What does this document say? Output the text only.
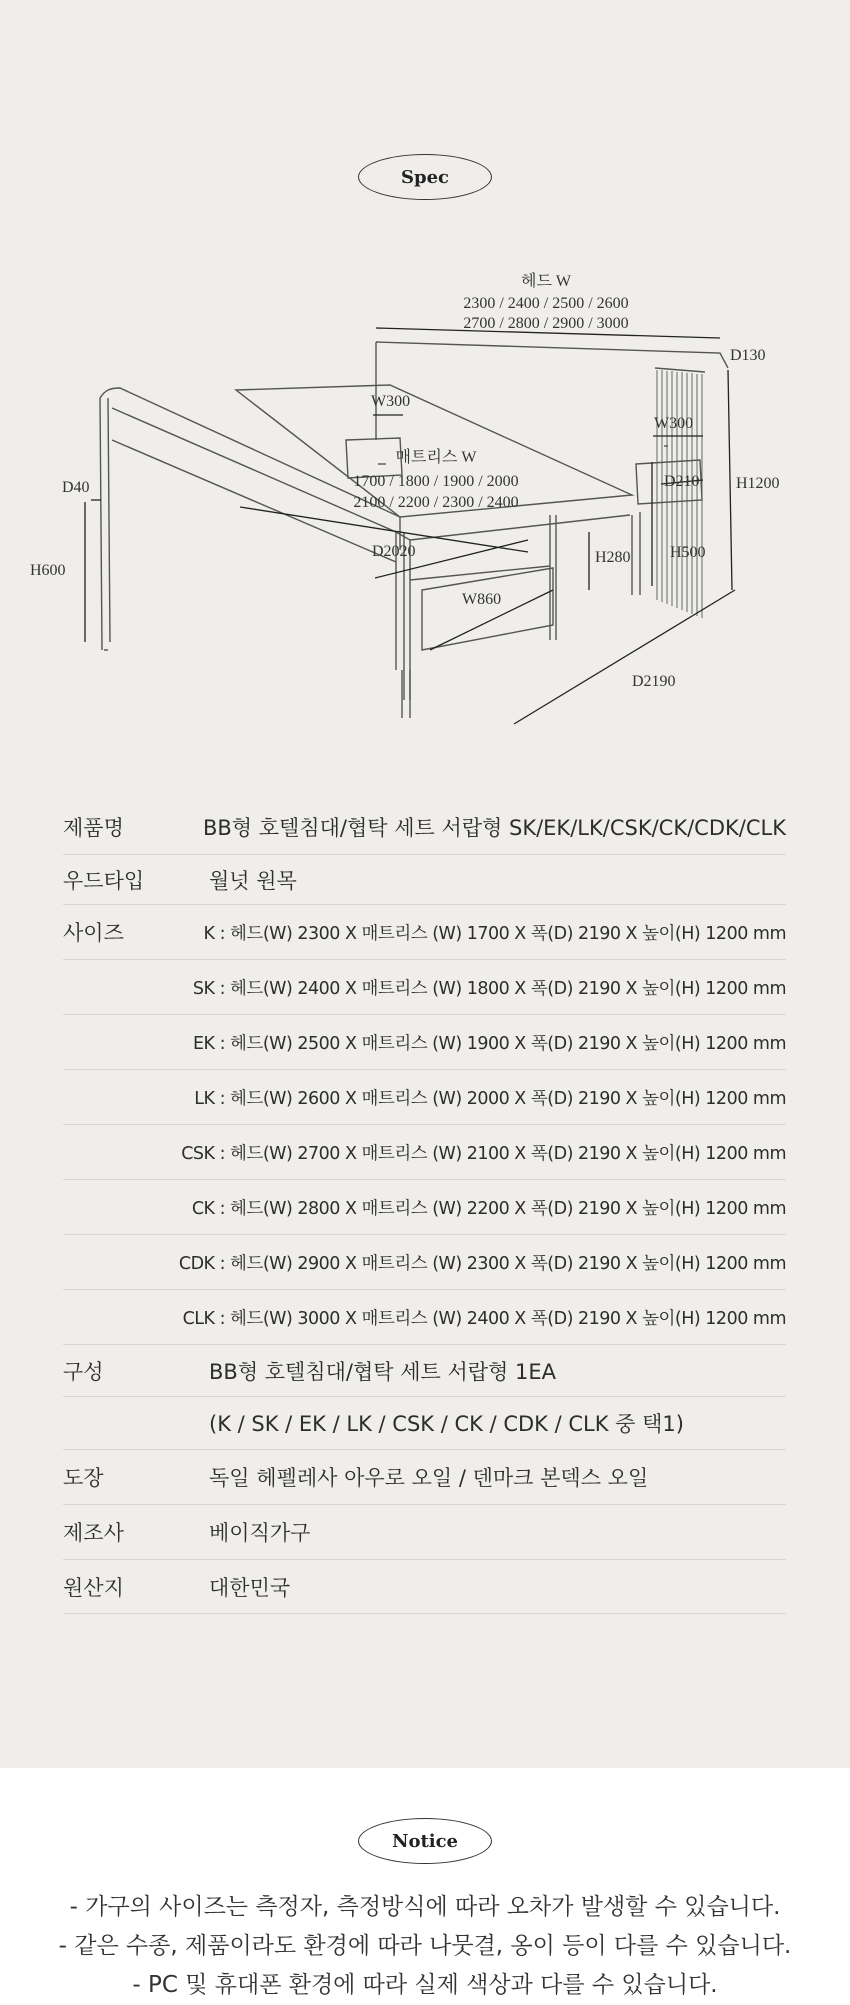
Spec
헤드 W
2300 / 2400 / 2500 / 2600
2700 / 2800 / 2900 / 3000
D130
W300
W300
매트리스 W
1700 / 1800 / 1900 / 2000
2100 / 2200 / 2300 / 2400
D210 H1200
D40
H600
D2020	H280 H500
W860
D2190
제품명	BB형 호텔침대/협탁 세트 서랍형 SK/EK/LK/CSK/CK/CDK/CLK
우드타입	월넛 원목
사이즈	K : 헤드(W) 2300 X 매트리스 (W) 1700 X 폭(D) 2190 X 높이(H) 1200 mm
SK : 헤드(W) 2400 X 매트리스 (W) 1800 X 폭(D) 2190 X 높이(H) 1200 mm
EK : 헤드(W) 2500 X 매트리스 (W) 1900 X 폭(D) 2190 X 높이(H) 1200 mm
LK : 헤드(W) 2600 X 매트리스 (W) 2000 X 폭(D) 2190 X 높이(H) 1200 mm
CSK : 헤드(W) 2700 X 매트리스 (W) 2100 X 폭(D) 2190 X 높이(H) 1200 mm
CK : 헤드(W) 2800 X 매트리스 (W) 2200 X 폭(D) 2190 X 높이(H) 1200 mm
CDK : 헤드(W) 2900 X 매트리스 (W) 2300 X 폭(D) 2190 X 높이(H) 1200 mm
CLK : 헤드(W) 3000 X 매트리스 (W) 2400 X 폭(D) 2190 X 높이(H) 1200 mm
구성	BB형 호텔침대/협탁 세트 서랍형 1EA
(K / SK / EK / LK / CSK / CK / CDK / CLK 중 택1)
도장	독일 헤펠레사 아우로 오일 / 덴마크 본덱스 오일
제조사	베이직가구
원산지	대한민국
Notice
- 가구의 사이즈는 측정자, 측정방식에 따라 오차가 발생할 수 있습니다.
- 같은 수종, 제품이라도 환경에 따라 나뭇결, 옹이 등이 다를 수 있습니다.
- PC 및 휴대폰 환경에 따라 실제 색상과 다를 수 있습니다.
